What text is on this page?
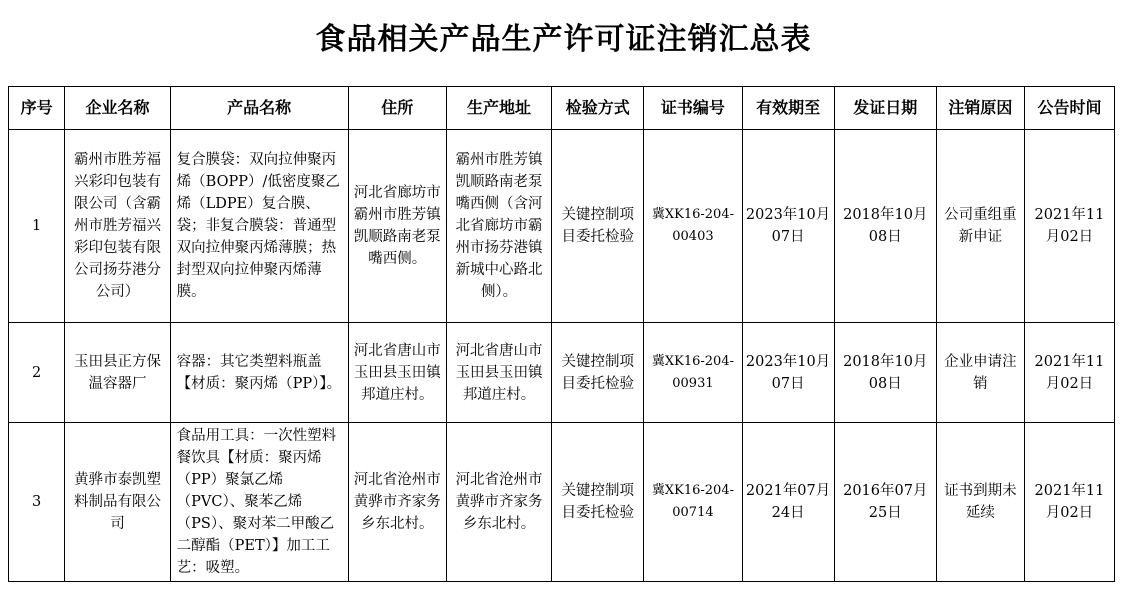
食品相关产品生产许可证注销汇总表
序号	企业名称	产品名称	住所	生产地址	检验方式	证书编号	有效期至	发证日期	注销原因	公告时间
1	霸州市胜芳福兴彩印包装有限公司（含霸州市胜芳福兴彩印包装有限公司扬芬港分公司）	复合膜袋：双向拉伸聚丙烯（BOPP）/低密度聚乙烯（LDPE）复合膜、袋；非复合膜袋：普通型双向拉伸聚丙烯薄膜；热封型双向拉伸聚丙烯薄膜。	河北省廊坊市霸州市胜芳镇凯顺路南老泵嘴西侧。	霸州市胜芳镇凯顺路南老泵嘴西侧（含河北省廊坊市霸州市扬芬港镇新城中心路北侧）。	关键控制项目委托检验	冀XK16-204-00403	2023年10月07日	2018年10月08日	公司重组重新申证	2021年11月02日
2	玉田县正方保温容器厂	容器：其它类塑料瓶盖【材质：聚丙烯（PP）】。	河北省唐山市玉田县玉田镇邦道庄村。	河北省唐山市玉田县玉田镇邦道庄村。	关键控制项目委托检验	冀XK16-204-00931	2023年10月07日	2018年10月08日	企业申请注销	2021年11月02日
3	黄骅市泰凯塑料制品有限公司	食品用工具：一次性塑料餐饮具【材质：聚丙烯（PP）聚氯乙烯（PVC）、聚苯乙烯（PS）、聚对苯二甲酸乙二醇酯（PET）】加工工艺：吸塑。	河北省沧州市黄骅市齐家务乡东北村。	河北省沧州市黄骅市齐家务乡东北村。	关键控制项目委托检验	冀XK16-204-00714	2021年07月24日	2016年07月25日	证书到期未延续	2021年11月02日
